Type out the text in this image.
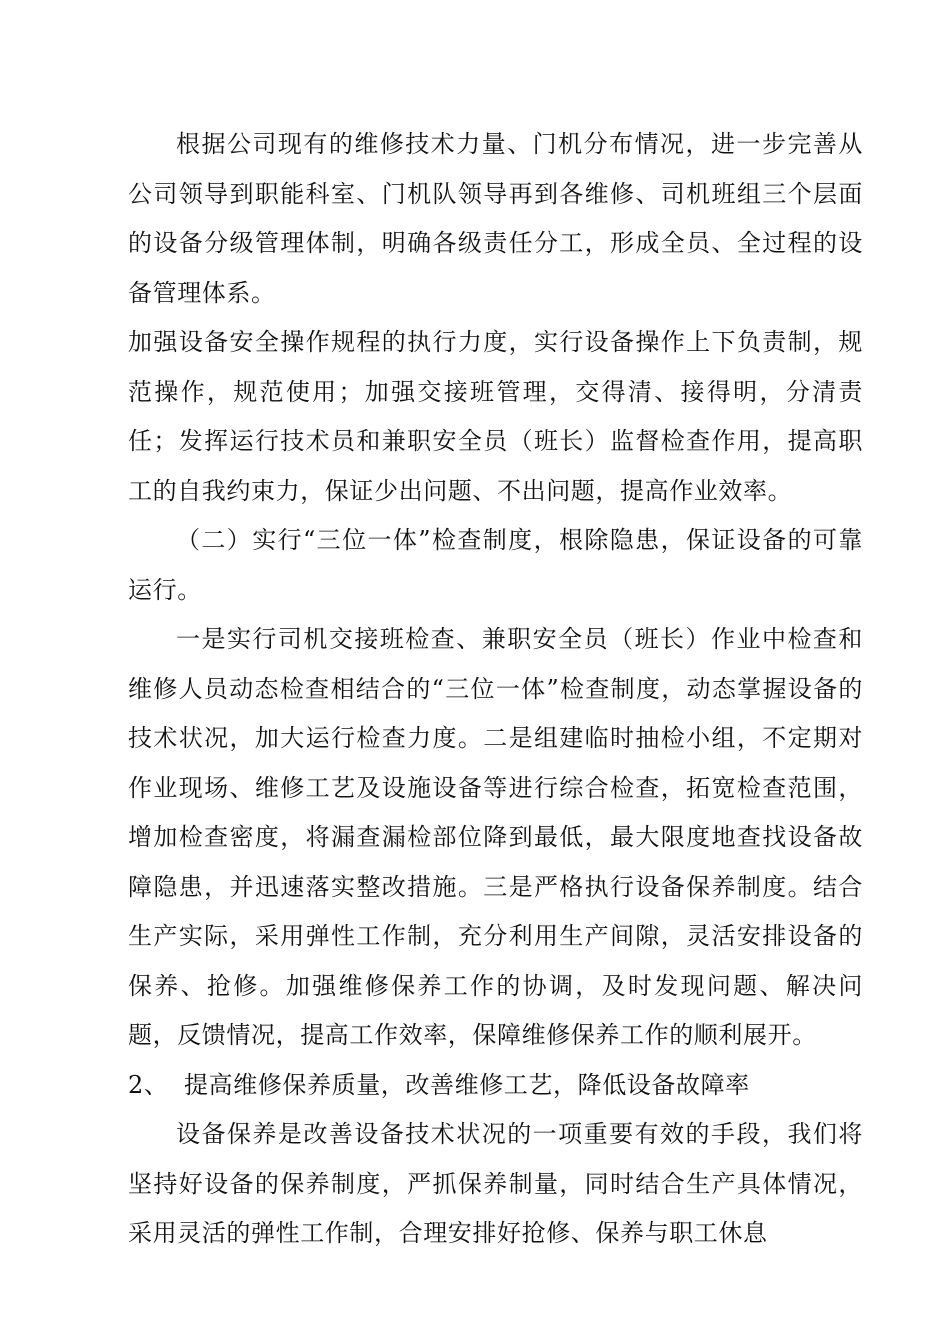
根据公司现有的维修技术力量、门机分布情况，进一步完善从公司领导到职能科室、门机队领导再到各维修、司机班组三个层面的设备分级管理体制，明确各级责任分工，形成全员、全过程的设备管理体系。

加强设备安全操作规程的执行力度，实行设备操作上下负责制，规范操作，规范使用；加强交接班管理，交得清、接得明，分清责任；发挥运行技术员和兼职安全员（班长）监督检查作用，提高职工的自我约束力，保证少出问题、不出问题，提高作业效率。

（二）实行“三位一体”检查制度，根除隐患，保证设备的可靠运行。

一是实行司机交接班检查、兼职安全员（班长）作业中检查和维修人员动态检查相结合的“三位一体”检查制度，动态掌握设备的技术状况，加大运行检查力度。二是组建临时抽检小组，不定期对作业现场、维修工艺及设施设备等进行综合检查，拓宽检查范围，增加检查密度，将漏查漏检部位降到最低，最大限度地查找设备故障隐患，并迅速落实整改措施。三是严格执行设备保养制度。结合生产实际，采用弹性工作制，充分利用生产间隙，灵活安排设备的保养、抢修。加强维修保养工作的协调，及时发现问题、解决问题，反馈情况，提高工作效率，保障维修保养工作的顺利展开。

2、 提高维修保养质量，改善维修工艺，降低设备故障率

设备保养是改善设备技术状况的一项重要有效的手段，我们将坚持好设备的保养制度，严抓保养制量，同时结合生产具体情况，采用灵活的弹性工作制，合理安排好抢修、保养与职工休息
